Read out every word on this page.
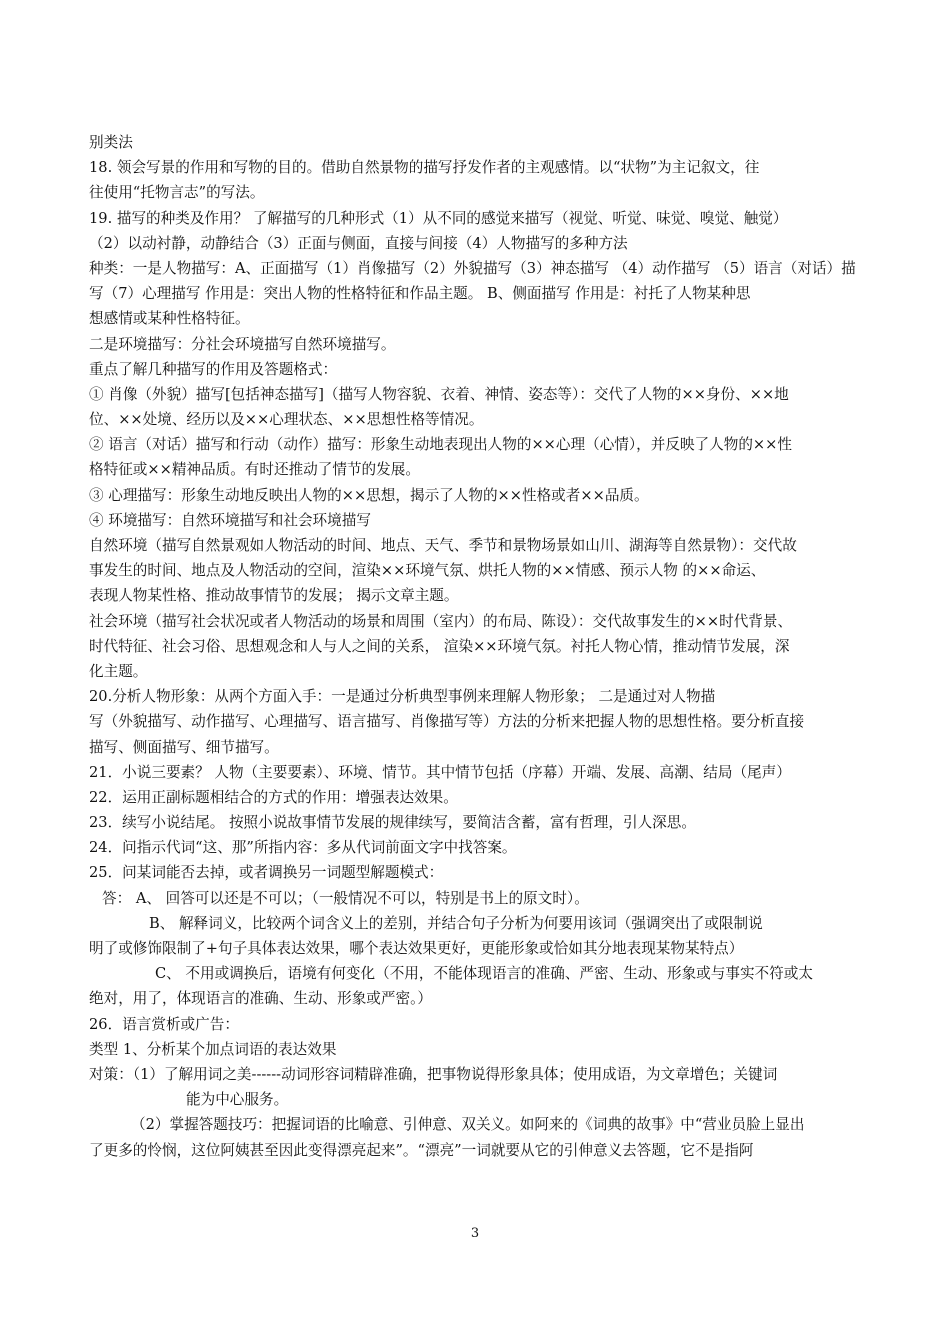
别类法
18. 领会写景的作用和写物的目的。借助自然景物的描写抒发作者的主观感情。以“状物”为主记叙文，往
往使用“托物言志”的写法。
19. 描写的种类及作用？ 了解描写的几种形式（1）从不同的感觉来描写（视觉、听觉、味觉、嗅觉、触觉）
（2）以动衬静，动静结合（3）正面与侧面，直接与间接（4）人物描写的多种方法
种类：一是人物描写：A、正面描写（1）肖像描写（2）外貌描写（3）神态描写 （4）动作描写 （5）语言（对话）描
写（7）心理描写 作用是：突出人物的性格特征和作品主题。 B、侧面描写 作用是：衬托了人物某种思
想感情或某种性格特征。
二是环境描写：分社会环境描写自然环境描写。
重点了解几种描写的作用及答题格式：
① 肖像（外貌）描写[包括神态描写]（描写人物容貌、衣着、神情、姿态等）：交代了人物的××身份、××地
位、××处境、经历以及××心理状态、××思想性格等情况。
② 语言（对话）描写和行动（动作）描写：形象生动地表现出人物的××心理（心情），并反映了人物的××性
格特征或××精神品质。有时还推动了情节的发展。
③ 心理描写：形象生动地反映出人物的××思想，揭示了人物的××性格或者××品质。
④ 环境描写：自然环境描写和社会环境描写
自然环境（描写自然景观如人物活动的时间、地点、天气、季节和景物场景如山川、湖海等自然景物）：交代故
事发生的时间、地点及人物活动的空间，渲染××环境气氛、烘托人物的××情感、预示人物 的××命运、
表现人物某性格、推动故事情节的发展； 揭示文章主题。
社会环境（描写社会状况或者人物活动的场景和周围（室内）的布局、陈设）：交代故事发生的××时代背景、
时代特征、社会习俗、思想观念和人与人之间的关系， 渲染××环境气氛。衬托人物心情，推动情节发展，深
化主题。
20.分析人物形象：从两个方面入手：一是通过分析典型事例来理解人物形象； 二是通过对人物描
写（外貌描写、动作描写、心理描写、语言描写、肖像描写等）方法的分析来把握人物的思想性格。要分析直接
描写、侧面描写、细节描写。
21．小说三要素？ 人物（主要要素）、环境、情节。其中情节包括（序幕）开端、发展、高潮、结局（尾声）
22．运用正副标题相结合的方式的作用：增强表达效果。
23．续写小说结尾。 按照小说故事情节发展的规律续写，要简洁含蓄，富有哲理，引人深思。
24．问指示代词“这、那”所指内容：多从代词前面文字中找答案。
25．问某词能否去掉，或者调换另一词题型解题模式：
答： A、 回答可以还是不可以；（一般情况不可以，特别是书上的原文时）。
B、 解释词义，比较两个词含义上的差别，并结合句子分析为何要用该词（强调突出了或限制说
明了或修饰限制了+句子具体表达效果，哪个表达效果更好，更能形象或恰如其分地表现某物某特点）
C、 不用或调换后，语境有何变化（不用，不能体现语言的准确、严密、生动、形象或与事实不符或太
绝对，用了，体现语言的准确、生动、形象或严密。）
26．语言赏析或广告：
类型 1、分析某个加点词语的表达效果
对策：（1）了解用词之美------动词形容词精辟准确，把事物说得形象具体；使用成语，为文章增色；关键词
能为中心服务。
（2）掌握答题技巧：把握词语的比喻意、引伸意、双关义。如阿来的《词典的故事》中“营业员脸上显出
了更多的怜悯，这位阿姨甚至因此变得漂亮起来”。“漂亮”一词就要从它的引伸意义去答题，它不是指阿
3
